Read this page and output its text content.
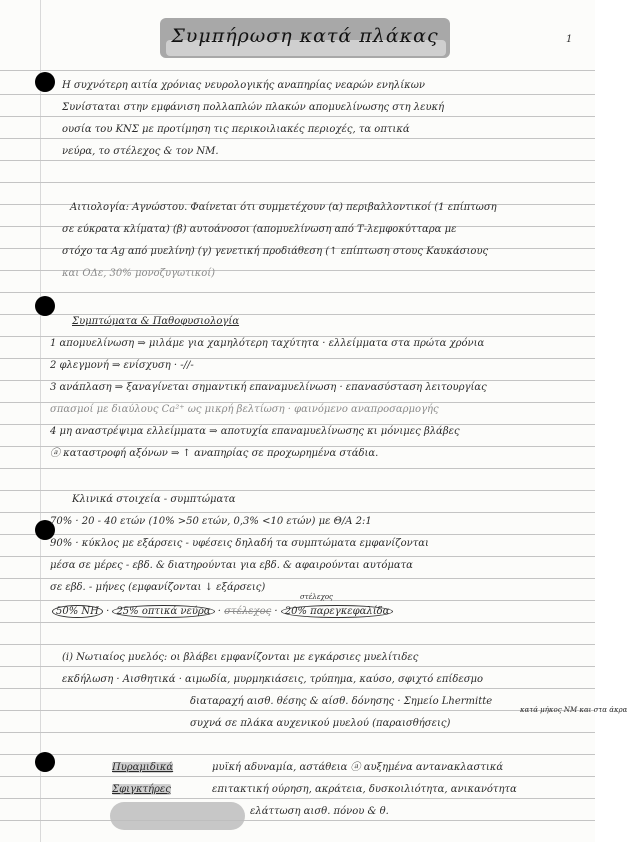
Συμπήρωση κατά πλάκας	1
Η συχνότερη αιτία χρόνιας νευρολογικής αναπηρίας νεαρών ενηλίκων
Συνίσταται στην εμφάνιση πολλαπλών πλακών απομυελίνωσης στη λευκή
ουσία του ΚΝΣ με προτίμηση τις περικοιλιακές περιοχές, τα οπτικά
νεύρα, το στέλεχος & τον ΝΜ.
Αιτιολογία: Αγνώστου. Φαίνεται ότι συμμετέχουν (α) περιβαλλοντικοί (1 επίπτωση
σε εύκρατα κλίματα) (β) αυτοάνοσοι (απομυελίνωση από Τ-λεμφοκύτταρα με
στόχο τα Αg από μυελίνη) (γ) γενετική προδιάθεση (↑ επίπτωση στους Καυκάσιους
και ΟΔε, 30% μονοζυγωτικοί)
Συμπτώματα & Παθοφυσιολογία
1 απομυελίνωση ⇒ μιλάμε για χαμηλότερη ταχύτητα · ελλείμματα στα πρώτα χρόνια
2 φλεγμονή ⇒ ενίσχυση · -//-
3 ανάπλαση ⇒ ξαναγίνεται σημαντική επαναμυελίνωση · επανασύσταση λειτουργίας
σπασμοί με διαύλους Ca²⁺ ως μικρή βελτίωση · φαινόμενο αναπροσαρμογής
4 μη αναστρέψιμα ελλείμματα ⇒ αποτυχία επαναμυελίνωσης κι μόνιμες βλάβες
ⓐ καταστροφή αξόνων ⇒ ↑ αναπηρίας σε προχωρημένα στάδια.
Κλινικά στοιχεία - συμπτώματα
70% · 20 - 40 ετών (10% >50 ετών, 0,3% <10 ετών) με Θ/Α 2:1
90% · κύκλος με εξάρσεις - υφέσεις δηλαδή τα συμπτώματα εμφανίζονται
μέσα σε μέρες - εβδ. & διατηρούνται για εβδ. & αφαιρούνται αυτόματα
σε εβδ. - μήνες (εμφανίζονται ↓ εξάρσεις)
στέλεχος
50% ΝΗ · 25% οπτικά νεύρα · στέλεχος · 20% παρεγκεφαλίδα
(i) Νωτιαίος μυελός: οι βλάβει εμφανίζονται με εγκάρσιες μυελίτιδες
εκδήλωση · Αισθητικά · αιμωδία, μυρμηκιάσεις, τρύπημα, καύσο, σφιχτό επίδεσμο
διαταραχή αισθ. θέσης & αίσθ. δόνησης · Σημείο Lhermitte
συχνά σε πλάκα αυχενικού μυελού (παραισθήσεις)
κατά μήκος ΝΜ και στα άκρα
Πυραμιδικά	μυϊκή αδυναμία, αστάθεια ⓐ αυξημένα αντανακλαστικά
Σφιγκτήρες	επιτακτική ούρηση, ακράτεια, δυσκοιλιότητα, ανικανότητα
ελάττωση αισθ. πόνου & θ.
